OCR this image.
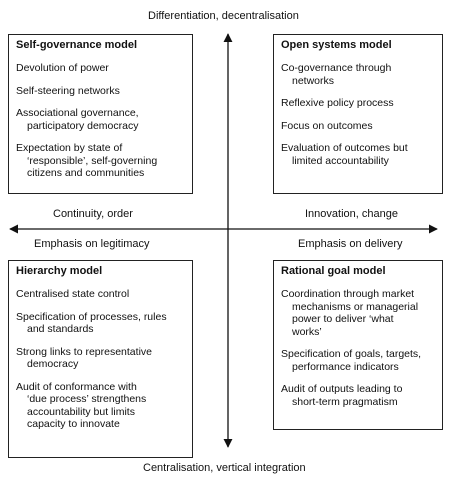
Differentiation, decentralisation
Centralisation, vertical integration
Continuity, order	Innovation, change
Emphasis on legitimacy	Emphasis on delivery
Self-governance model
Devolution of power
Self-steering networks
Associational governance,
participatory democracy
Expectation by state of
‘responsible’, self-governing
citizens and communities
Open systems model
Co-governance through
networks
Reflexive policy process
Focus on outcomes
Evaluation of outcomes but
limited accountability
Hierarchy model
Centralised state control
Specification of processes, rules
and standards
Strong links to representative
democracy
Audit of conformance with
‘due process’ strengthens
accountability but limits
capacity to innovate
Rational goal model
Coordination through market
mechanisms or managerial
power to deliver ‘what
works’
Specification of goals, targets,
performance indicators
Audit of outputs leading to
short-term pragmatism
